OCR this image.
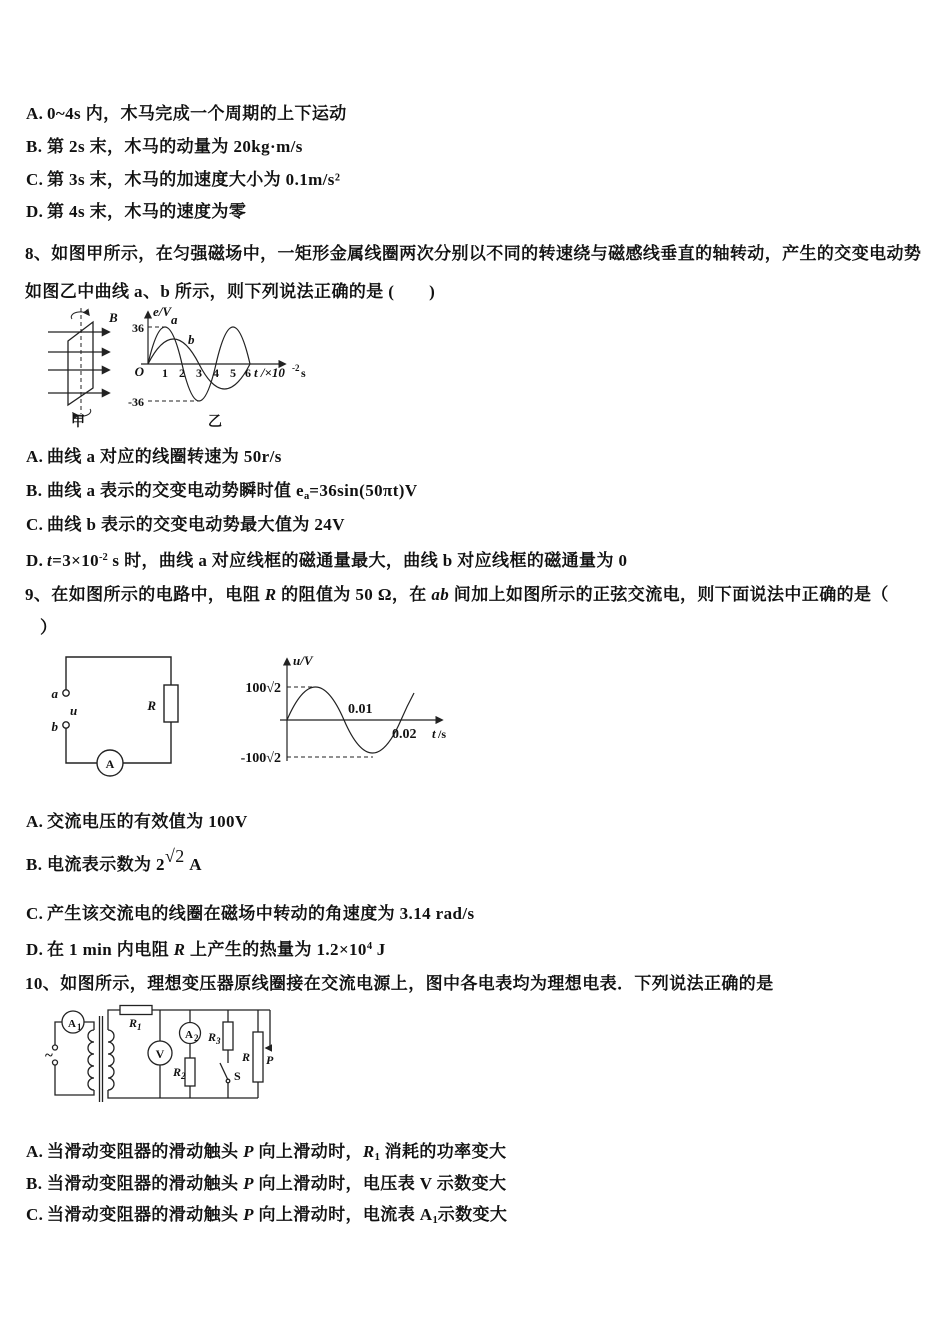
A. 0~4s 内，木马完成一个周期的上下运动
B. 第 2s 末，木马的动量为 20kg·m/s
C. 第 3s 末，木马的加速度大小为 0.1m/s²
D. 第 4s 末，木马的速度为零
8、如图甲所示，在匀强磁场中，一矩形金属线圈两次分别以不同的转速绕与磁感线垂直的轴转动，产生的交变电动势
如图乙中曲线 a、b 所示，则下列说法正确的是 (　　)
B
甲
e/V
36
-36
O 1 2 3 4 5 6 t /×10 -2 s
a
b
乙
A. 曲线 a 对应的线圈转速为 50r/s
B. 曲线 a 表示的交变电动势瞬时值 ea=36sin(50πt)V
C. 曲线 b 表示的交变电动势最大值为 24V
D. $t=3\times 10^{-2}$ s 时，曲线 a 对应线框的磁通量最大，曲线 b 对应线框的磁通量为 0
9、在如图所示的电路中，电阻 R 的阻值为 50 Ω，在 ab 间加上如图所示的正弦交流电，则下面说法中正确的是（
）
a
u
b
R
A
u/V
100√2
-100√2
0.01
0.02 t /s
A. 交流电压的有效值为 100V
B. 电流表示数为 2√2 A
C. 产生该交流电的线圈在磁场中转动的角速度为 3.14 rad/s
D. 在 1 min 内电阻 R 上产生的热量为 $1.2\times 10^4$ J
10、如图所示，理想变压器原线圈接在交流电源上，图中各电表均为理想电表．下列说法正确的是
~
A 1	R 1
V
A 2
R 2
R 3
S
R P
A. 当滑动变阻器的滑动触头 P 向上滑动时，R1 消耗的功率变大
B. 当滑动变阻器的滑动触头 P 向上滑动时，电压表 V 示数变大
C. 当滑动变阻器的滑动触头 P 向上滑动时，电流表 A1示数变大
